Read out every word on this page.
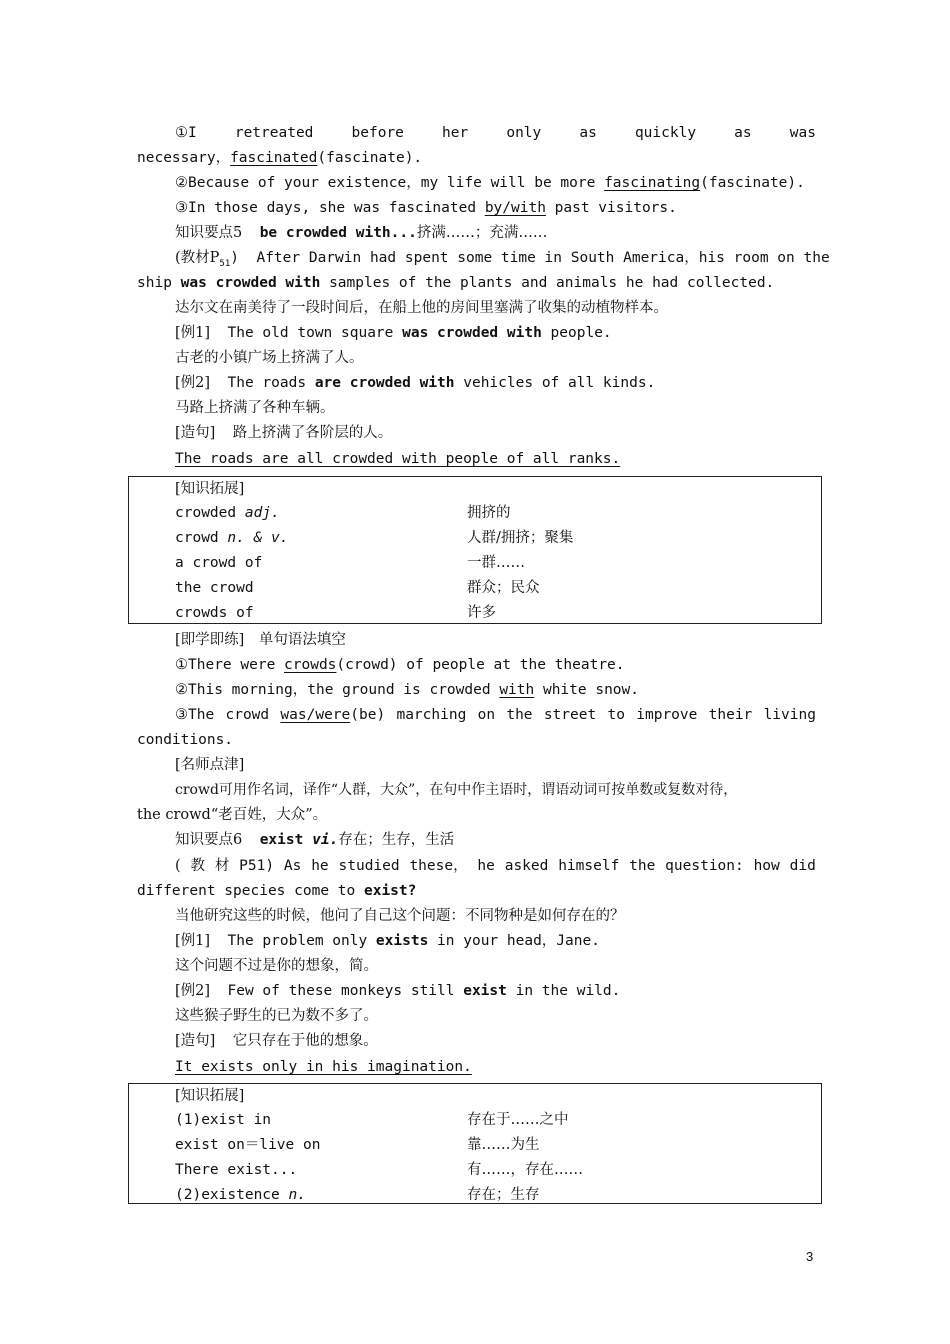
①I	retreated	before	her	only	as	quickly	as	was
necessary，fascinated(fascinate).
②Because of your existence，my life will be more fascinating(fascinate).
③In those days, she was fascinated by/with past visitors.
知识要点5 be crowded with...挤满……；充满……
(教材$P_{51}$) After Darwin had spent some time in South America，his room on the
ship was crowded with samples of the plants and animals he had collected.
达尔文在南美待了一段时间后，在船上他的房间里塞满了收集的动植物样本。
[例1] The old town square was crowded with people.
古老的小镇广场上挤满了人。
[例2] The roads are crowded with vehicles of all kinds.
马路上挤满了各种车辆。
[造句] 路上挤满了各阶层的人。
The roads are all crowded with people of all ranks.
[知识拓展]
crowded adj.	拥挤的
crowd n. & v.	人群/拥挤；聚集
a crowd of	一群……
the crowd	群众；民众
crowds of	许多
[即学即练]　单句语法填空
①There were crowds(crowd) of people at the theatre.
②This morning，the ground is crowded with white snow.
③The crowd was/were(be) marching on the street to improve their living
conditions.
[名师点津]
crowd可用作名词，译作“人群，大众”，在句中作主语时，谓语动词可按单数或复数对待，
the crowd“老百姓，大众”。
知识要点6 exist vi.存在；生存，生活
( 教 材 P51) As he studied these， he asked himself the question: how did
different species come to exist?
当他研究这些的时候，他问了自己这个问题：不同物种是如何存在的？
[例1] The problem only exists in your head，Jane.
这个问题不过是你的想象，简。
[例2] Few of these monkeys still exist in the wild.
这些猴子野生的已为数不多了。
[造句] 它只存在于他的想象。
It exists only in his imagination.
[知识拓展]
(1)exist in	存在于……之中
exist on＝live on	靠……为生
There exist...	有……，存在……
(2)existence n.	存在；生存
3
